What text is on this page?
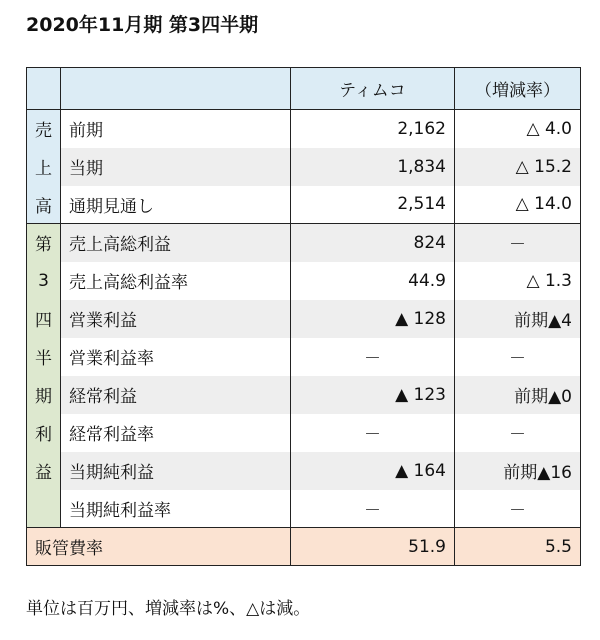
2020年11月期 第3四半期
		ティムコ	（増減率）
売	前期	2,162	△ 4.0
上	当期	1,834	△ 15.2
高	通期見通し	2,514	△ 14.0
第	売上高総利益	824	－
3	売上高総利益率	44.9	△ 1.3
四	営業利益	▲ 128	前期▲4
半	営業利益率	－	－
期	経常利益	▲ 123	前期▲0
利	経常利益率	－	－
益	当期純利益	▲ 164	前期▲16
	当期純利益率	－	－
販管費率		51.9	5.5
単位は百万円、増減率は%、△は減。
